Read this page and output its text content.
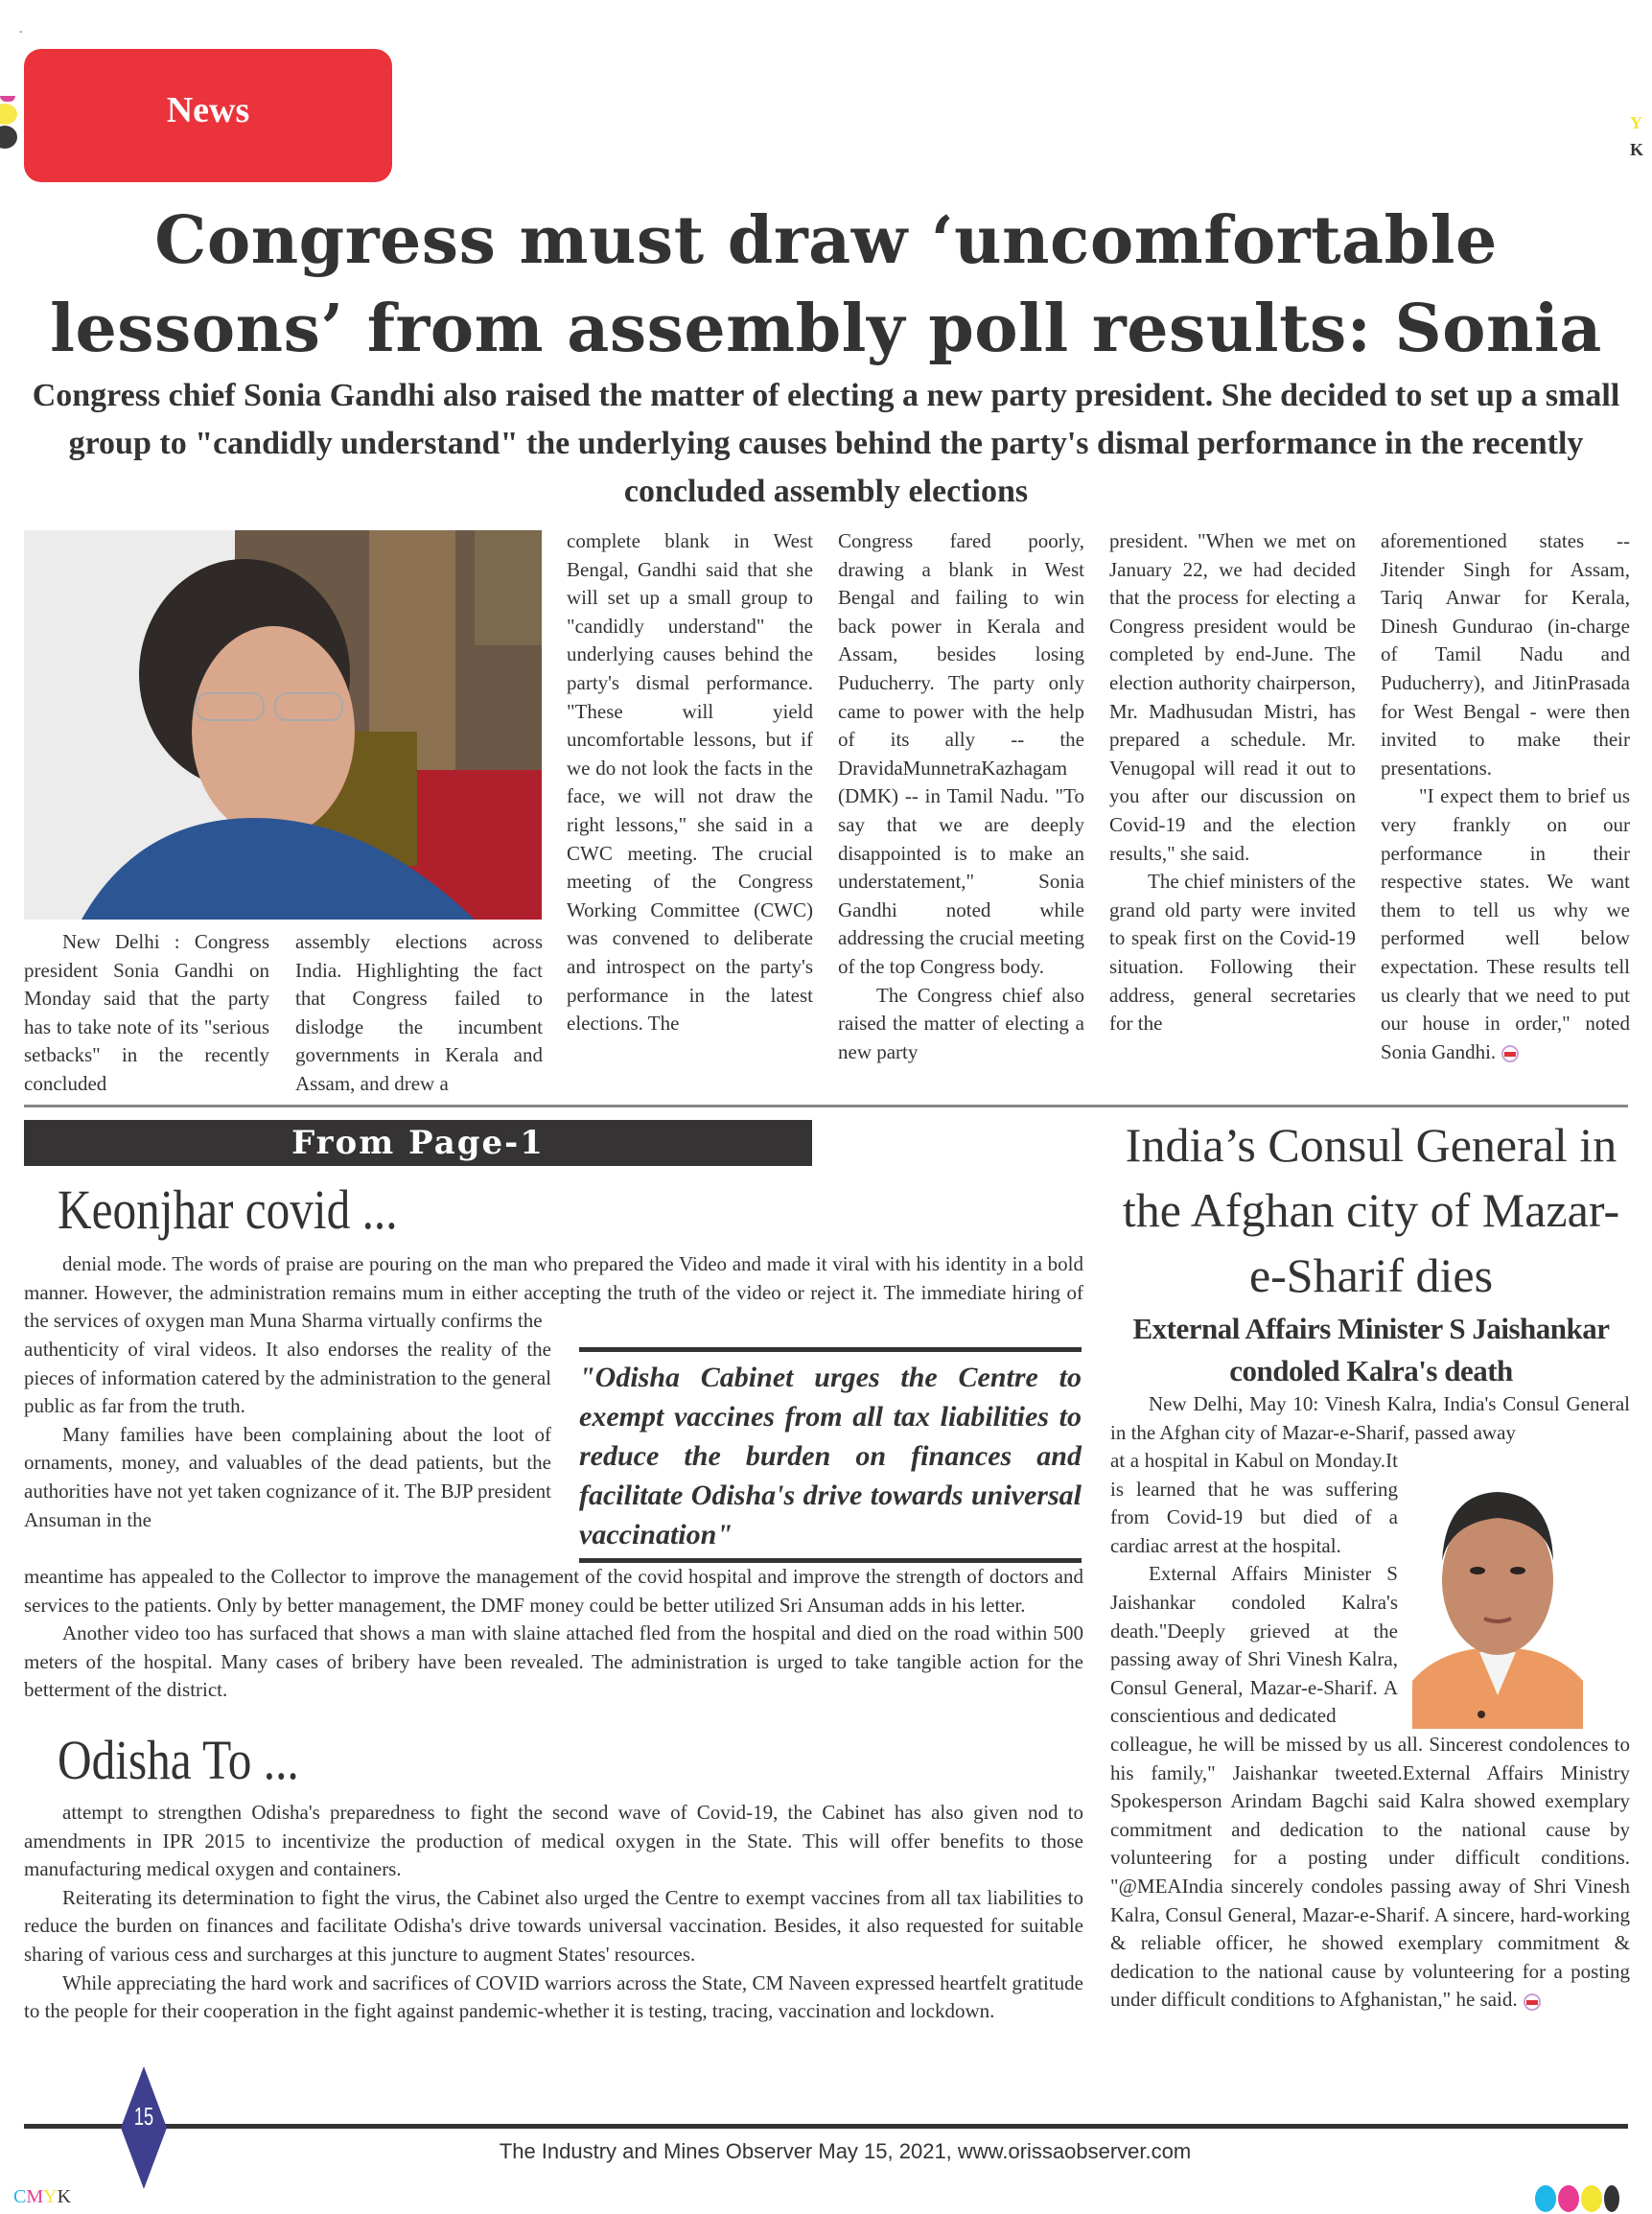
-
Y
K
News
Congress must draw ‘uncomfortable
lessons’ from assembly poll results: Sonia
Congress chief Sonia Gandhi also raised the matter of electing a new party president. She decided to set up a small group to "candidly understand" the underlying causes behind the party's dismal performance in the recently concluded assembly elections

New Delhi : Congress president Sonia Gandhi on Monday said that the party has to take note of its "serious setbacks" in the recently concluded

assembly elections across India. Highlighting the fact that Congress failed to dislodge the incumbent governments in Kerala and Assam, and drew a

complete blank in West Bengal, Gandhi said that she will set up a small group to "candidly understand" the underlying causes behind the party's dismal performance. "These will yield uncomfortable lessons, but if we do not look the facts in the face, we will not draw the right lessons," she said in a CWC meeting. The crucial meeting of the Congress Working Committee (CWC) was convened to deliberate and introspect on the party's performance in the latest elections. The

Congress fared poorly, drawing a blank in West Bengal and failing to win back power in Kerala and Assam, besides losing Puducherry. The party only came to power with the help of its ally -- the DravidaMunnetraKazhagam (DMK) -- in Tamil Nadu. "To say that we are deeply disappointed is to make an understatement," Sonia Gandhi noted while addressing the crucial meeting of the top Congress body.

The Congress chief also raised the matter of electing a new party

president. "When we met on January 22, we had decided that the process for electing a Congress president would be completed by end-June. The election authority chairperson, Mr. Madhusudan Mistri, has prepared a schedule. Mr. Venugopal will read it out to you after our discussion on Covid-19 and the election results," she said.

The chief ministers of the grand old party were invited to speak first on the Covid-19 situation. Following their address, general secretaries for the

aforementioned states -- Jitender Singh for Assam, Tariq Anwar for Kerala, Dinesh Gundurao (in-charge of Tamil Nadu and Puducherry), and JitinPrasada for West Bengal - were then invited to make their presentations.

"I expect them to brief us very frankly on our performance in their respective states. We want them to tell us why we performed well below expectation. These results tell us clearly that we need to put our house in order," noted Sonia Gandhi.

From Page-1
Keonjhar covid ...

denial mode. The words of praise are pouring on the man who prepared the Video and made it viral with his identity in a bold manner. However, the administration remains mum in either accepting the truth of the video or reject it. The immediate hiring of the services of oxygen man Muna Sharma virtually confirms the

authenticity of viral videos. It also endorses the reality of the pieces of information catered by the administration to the general public as far from the truth.

Many families have been complaining about the loot of ornaments, money, and valuables of the dead patients, but the authorities have not yet taken cognizance of it. The BJP president Ansuman in the

meantime has appealed to the Collector to improve the management of the covid hospital and improve the strength of doctors and services to the patients. Only by better management, the DMF money could be better utilized Sri Ansuman adds in his letter.

Another video too has surfaced that shows a man with slaine attached fled from the hospital and died on the road within 500 meters of the hospital. Many cases of bribery have been revealed. The administration is urged to take tangible action for the betterment of the district.

"Odisha Cabinet urges the Centre to exempt vaccines from all tax liabilities to reduce the burden on finances and facilitate Odisha's drive towards universal vaccination"
Odisha To ...

attempt to strengthen Odisha's preparedness to fight the second wave of Covid-19, the Cabinet has also given nod to amendments in IPR 2015 to incentivize the production of medical oxygen in the State. This will offer benefits to those manufacturing medical oxygen and containers.

Reiterating its determination to fight the virus, the Cabinet also urged the Centre to exempt vaccines from all tax liabilities to reduce the burden on finances and facilitate Odisha's drive towards universal vaccination. Besides, it also requested for suitable sharing of various cess and surcharges at this juncture to augment States' resources.

While appreciating the hard work and sacrifices of COVID warriors across the State, CM Naveen expressed heartfelt gratitude to the people for their cooperation in the fight against pandemic-whether it is testing, tracing, vaccination and lockdown.

India’s Consul General in the Afghan city of Mazar-e-Sharif dies
External Affairs Minister S Jaishankar condoled Kalra's death

New Delhi, May 10: Vinesh Kalra, India's Consul General in the Afghan city of Mazar-e-Sharif, passed away

at a hospital in Kabul on Monday.It is learned that he was suffering from Covid-19 but died of a cardiac arrest at the hospital.

External Affairs Minister S Jaishankar condoled Kalra's death."Deeply grieved at the passing away of Shri Vinesh Kalra, Consul General, Mazar-e-Sharif. A conscientious and dedicated

colleague, he will be missed by us all. Sincerest condolences to his family," Jaishankar tweeted.External Affairs Ministry Spokesperson Arindam Bagchi said Kalra showed exemplary commitment and dedication to the national cause by volunteering for a posting under difficult conditions. "@MEAIndia sincerely condoles passing away of Shri Vinesh Kalra, Consul General, Mazar-e-Sharif. A sincere, hard-working & reliable officer, he showed exemplary commitment & dedication to the national cause by volunteering for a posting under difficult conditions to Afghanistan," he said.

15
The Industry and Mines Observer May 15, 2021, www.orissaobserver.com
CMYK
